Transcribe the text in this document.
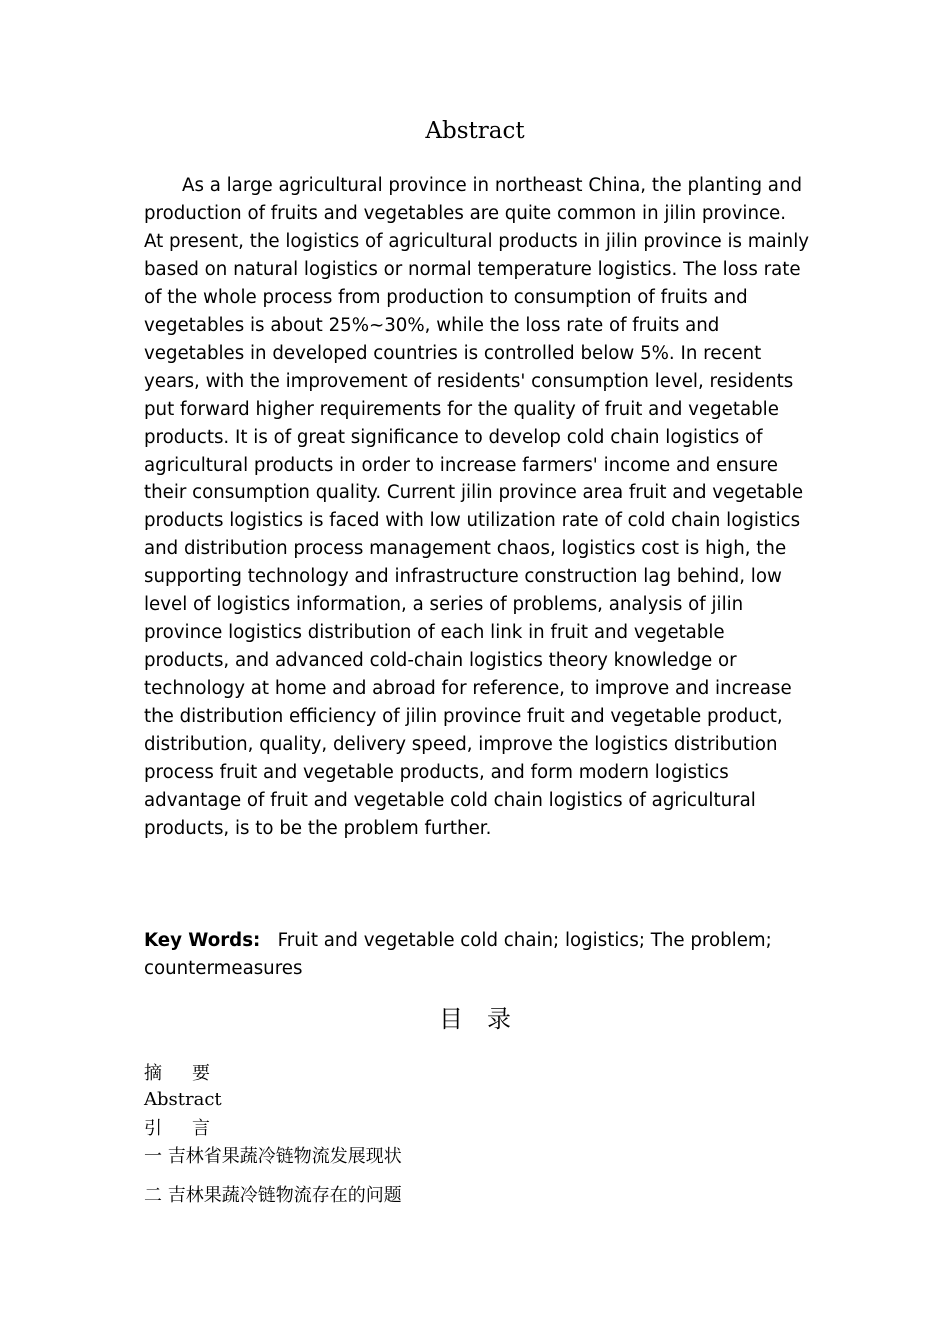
Abstract

As a large agricultural province in northeast China, the planting and production of fruits and vegetables are quite common in jilin province. At present, the logistics of agricultural products in jilin province is mainly based on natural logistics or normal temperature logistics. The loss rate of the whole process from production to consumption of fruits and vegetables is about 25%~30%, while the loss rate of fruits and vegetables in developed countries is controlled below 5%. In recent years, with the improvement of residents' consumption level, residents put forward higher requirements for the quality of fruit and vegetable products. It is of great significance to develop cold chain logistics of agricultural products in order to increase farmers' income and ensure their consumption quality. Current jilin province area fruit and vegetable products logistics is faced with low utilization rate of cold chain logistics and distribution process management chaos, logistics cost is high, the supporting technology and infrastructure construction lag behind, low level of logistics information, a series of problems, analysis of jilin province logistics distribution of each link in fruit and vegetable products, and advanced cold-chain logistics theory knowledge or technology at home and abroad for reference, to improve and increase the distribution efficiency of jilin province fruit and vegetable product, distribution, quality, delivery speed, improve the logistics distribution process fruit and vegetable products, and form modern logistics advantage of fruit and vegetable cold chain logistics of agricultural products, is to be the problem further.

Key Words: Fruit and vegetable cold chain; logistics; The problem; countermeasures

目录
摘要
Abstract
引言
一 吉林省果蔬冷链物流发展现状
二 吉林果蔬冷链物流存在的问题
